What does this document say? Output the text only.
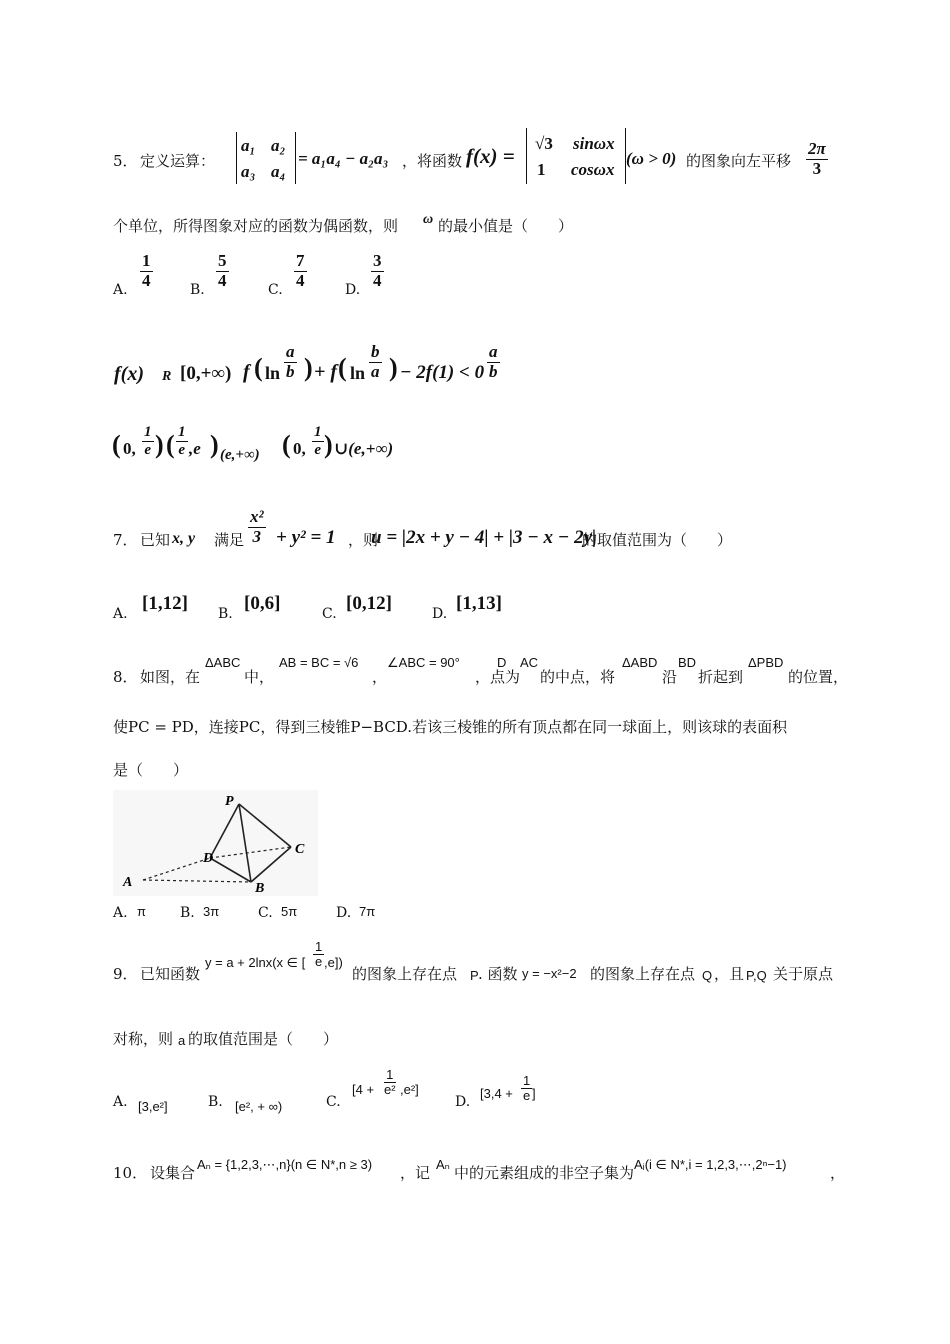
5． 定义运算：
a₁ a₂
a₃ a₄
= a₁a₄ − a₂a₃ ，将函数 f(x) =
√3 sinωx
1 cosωx
(ω > 0) 的图象向左平移 $\frac{2\pi}{3}$
个单位，所得图象对应的函数为偶函数，则 ω 的最小值是（　　）
A. $\frac{1}{4}$	B. $\frac{5}{4}$	C. $\frac{7}{4}$	D. $\frac{3}{4}$
f(x) R [0,+∞) f ( $\ln \frac{a}{b}$ ) + f ( $\ln \frac{b}{a}$ ) − $2f(1) < 0 \frac{a}{b}$
( 0, $\frac{1}{e}$ ) ( $\frac{1}{e} ,e$ ) (e,+∞) ( 0, $\frac{1}{e}$ ) ∪(e,+∞)
7． 已知 x, y 满足 $\frac{\text{x²}}{3} + y^2 = 1$ ，则
u = |2x + y − 4| + |3 − x − 2y|
的取值范围为（　　）
A. [1,12] B. [0,6]	C. [0,12]	D. [1,13]
8． 如图，在
ΔABC
中，
AB = BC = √6
，
∠ABC = 90°
，点
D
为
AC
的中点，将
ΔABD
沿
BD
折起到
ΔPBD
的位置，
使PC = PD，连接PC，得到三棱锥P−BCD.若该三棱锥的所有顶点都在同一球面上，则该球的表面积
是（　　）
P
D
C
A	B
A. π B. 3π	C. 5π	D. 7π
9． 已知函数
y = a + 2lnx(x ∈ [ $\frac{1}{e} ,e$])
的图象上存在点 P . 函数 y = −x²−2 的图象上存在点 Q ，且 P,Q 关于原点
对称，则 a 的取值范围是（　　）
A. [3,e²]	B. [e², + ∞)	C.
$[4 + \frac{1}{\text{e²}} ,e^2]$
D.
[$3,4 + \frac{1}{e}$ ]
10． 设集合 Aₙ = {1,2,3,⋯,n}(n ∈ N*,n ≥ 3) ，记 Aₙ 中的元素组成的非空子集为 Aᵢ(i ∈ N*,i = 1,2,3,⋯,2ⁿ−1)	，
